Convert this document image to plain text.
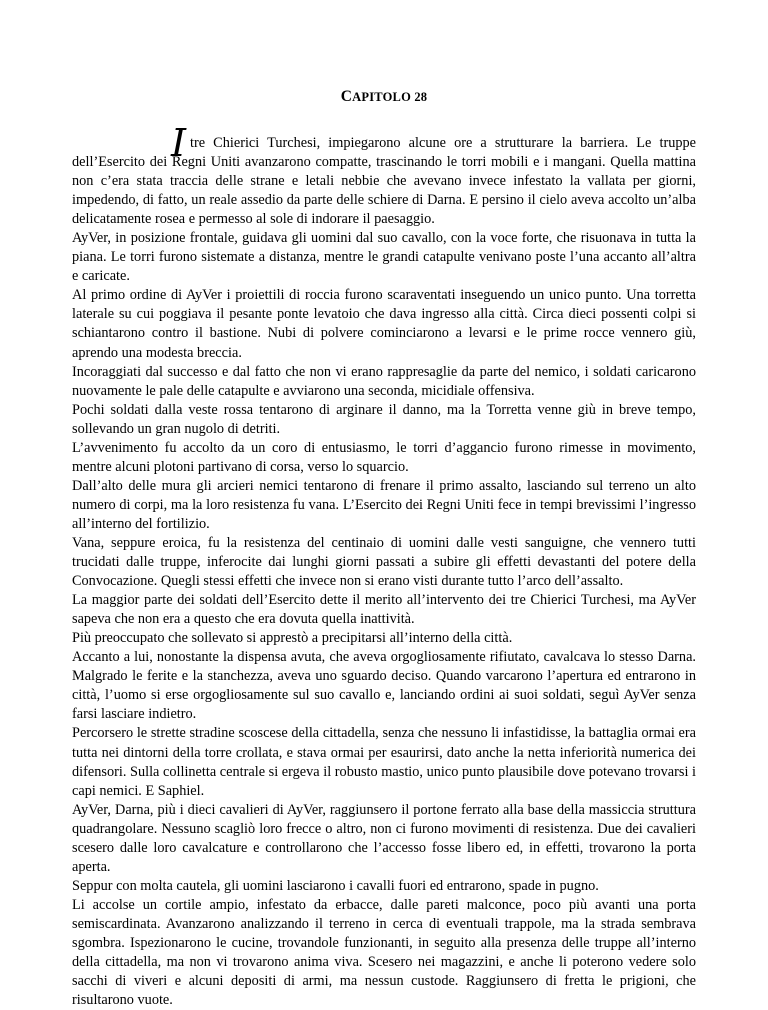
CAPITOLO 28

I tre Chierici Turchesi, impiegarono alcune ore a strutturare la barriera. Le truppe dell’Esercito dei Regni Uniti avanzarono compatte, trascinando le torri mobili e i mangani. Quella mattina non c’era stata traccia delle strane e letali nebbie che avevano invece infestato la vallata per giorni, impedendo, di fatto, un reale assedio da parte delle schiere di Darna. E persino il cielo aveva accolto un’alba delicatamente rosea e permesso al sole di indorare il paesaggio.

AyVer, in posizione frontale, guidava gli uomini dal suo cavallo, con la voce forte, che risuonava in tutta la piana. Le torri furono sistemate a distanza, mentre le grandi catapulte venivano poste l’una accanto all’altra e caricate.

Al primo ordine di AyVer i proiettili di roccia furono scaraventati inseguendo un unico punto. Una torretta laterale su cui poggiava il pesante ponte levatoio che dava ingresso alla città. Circa dieci possenti colpi si schiantarono contro il bastione. Nubi di polvere cominciarono a levarsi e le prime rocce vennero giù, aprendo una modesta breccia.

Incoraggiati dal successo e dal fatto che non vi erano rappresaglie da parte del nemico, i soldati caricarono nuovamente le pale delle catapulte e avviarono una seconda, micidiale offensiva.

Pochi soldati dalla veste rossa tentarono di arginare il danno, ma la Torretta venne giù in breve tempo, sollevando un gran nugolo di detriti.

L’avvenimento fu accolto da un coro di entusiasmo, le torri d’aggancio furono rimesse in movimento, mentre alcuni plotoni partivano di corsa, verso lo squarcio.

Dall’alto delle mura gli arcieri nemici tentarono di frenare il primo assalto, lasciando sul terreno un alto numero di corpi, ma la loro resistenza fu vana. L’Esercito dei Regni Uniti fece in tempi brevissimi l’ingresso all’interno del fortilizio.

Vana, seppure eroica, fu la resistenza del centinaio di uomini dalle vesti sanguigne, che vennero tutti trucidati dalle truppe, inferocite dai lunghi giorni passati a subire gli effetti devastanti del potere della Convocazione. Quegli stessi effetti che invece non si erano visti durante tutto l’arco dell’assalto.

La maggior parte dei soldati dell’Esercito dette il merito all’intervento dei tre Chierici Turchesi, ma AyVer sapeva che non era a questo che era dovuta quella inattività.

Più preoccupato che sollevato si apprestò a precipitarsi all’interno della città.

Accanto a lui, nonostante la dispensa avuta, che aveva orgogliosamente rifiutato, cavalcava lo stesso Darna. Malgrado le ferite e la stanchezza, aveva uno sguardo deciso. Quando varcarono l’apertura ed entrarono in città, l’uomo si erse orgogliosamente sul suo cavallo e, lanciando ordini ai suoi soldati, seguì AyVer senza farsi lasciare indietro.

Percorsero le strette stradine scoscese della cittadella, senza che nessuno li infastidisse, la battaglia ormai era tutta nei dintorni della torre crollata, e stava ormai per esaurirsi, dato anche la netta inferiorità numerica dei difensori. Sulla collinetta centrale si ergeva il robusto mastio, unico punto plausibile dove potevano trovarsi i capi nemici. E Saphiel.

AyVer, Darna, più i dieci cavalieri di AyVer, raggiunsero il portone ferrato alla base della massiccia struttura quadrangolare. Nessuno scagliò loro frecce o altro, non ci furono movimenti di resistenza. Due dei cavalieri scesero dalle loro cavalcature e controllarono che l’accesso fosse libero ed, in effetti, trovarono la porta aperta.

Seppur con molta cautela, gli uomini lasciarono i cavalli fuori ed entrarono, spade in pugno.

Li accolse un cortile ampio, infestato da erbacce, dalle pareti malconce, poco più avanti una porta semiscardinata. Avanzarono analizzando il terreno in cerca di eventuali trappole, ma la strada sembrava sgombra. Ispezionarono le cucine, trovandole funzionanti, in seguito alla presenza delle truppe all’interno della cittadella, ma non vi trovarono anima viva. Scesero nei magazzini, e anche li poterono vedere solo sacchi di viveri e alcuni depositi di armi, ma nessun custode. Raggiunsero di fretta le prigioni, che risultarono vuote.
